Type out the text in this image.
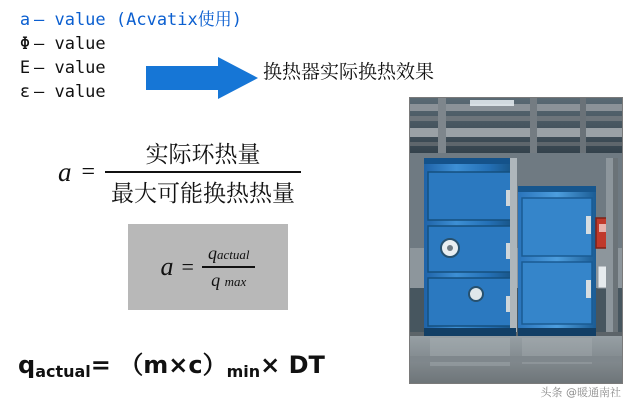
a – value (Acvatix使用)
Φ – value
E – value
ε – value
换热器实际换热效果
$a = \frac{\text{实际环热量}}{\text{最大可能换热热量}}$
$a = \frac{\text{qactual}}{\text{q max}}$
qactual= （m×c）min× DT
头条 @暖通南社
